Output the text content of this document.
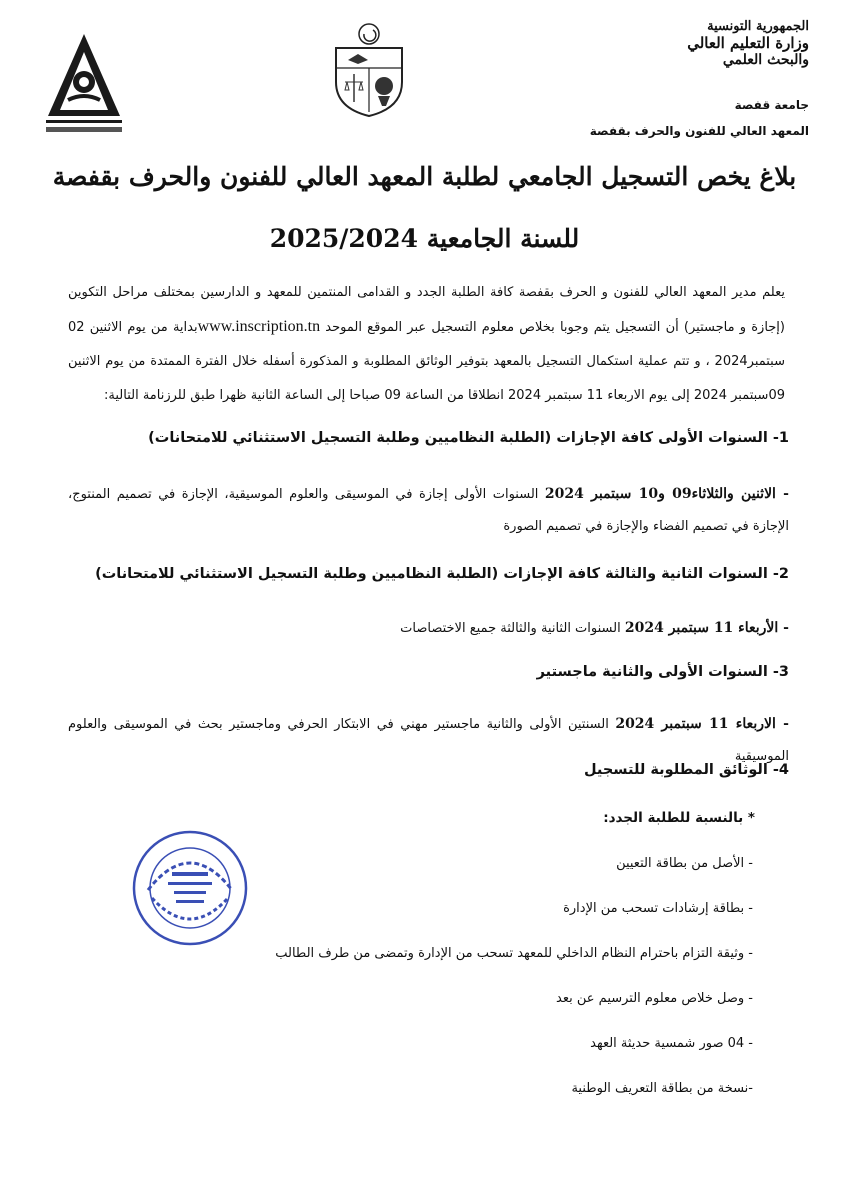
الجمهورية التونسية
وزارة التعليم العالي
والبحث العلمي
جامعة قفصة
المعهد العالي للفنون والحرف بقفصة
بلاغ يخص التسجيل الجامعي لطلبة المعهد العالي للفنون والحرف بقفصة
للسنة الجامعية 2025/2024
يعلم مدير المعهد العالي للفنون و الحرف بقفصة كافة الطلبة الجدد و القدامى المنتمين للمعهد و الدارسين بمختلف مراحل التكوين (إجازة و ماجستير) أن التسجيل يتم وجوبا بخلاص معلوم التسجيل عبر الموقع الموحد www.inscription.tnبداية من يوم الاثنين 02 سبتمبر2024 ، و تتم عملية استكمال التسجيل بالمعهد بتوفير الوثائق المطلوبة و المذكورة أسفله خلال الفترة الممتدة من يوم الاثنين 09سبتمبر 2024 إلى يوم الاربعاء 11 سبتمبر 2024 انطلاقا من الساعة 09 صباحا إلى الساعة الثانية ظهرا طبق للرزنامة التالية:
1- السنوات الأولى كافة الإجازات (الطلبة النظاميين وطلبة التسجيل الاستثنائي للامتحانات)
- الاثنين والثلاثاء09 و10 سبتمبر 2024 السنوات الأولى إجازة في الموسيقى والعلوم الموسيقية، الإجازة في تصميم المنتوج، الإجازة في تصميم الفضاء والإجازة في تصميم الصورة
2- السنوات الثانية والثالثة كافة الإجازات (الطلبة النظاميين وطلبة التسجيل الاستثنائي للامتحانات)
- الأربعاء 11 سبتمبر 2024 السنوات الثانية والثالثة جميع الاختصاصات
3- السنوات الأولى والثانية ماجستير
- الاربعاء 11 سبتمبر 2024 السنتين الأولى والثانية ماجستير مهني في الابتكار الحرفي وماجستير بحث في الموسيقى والعلوم الموسيقية
4- الوثائق المطلوبة للتسجيل
* بالنسبة للطلبة الجدد:
- الأصل من بطاقة التعيين
- بطاقة إرشادات تسحب من الإدارة
- وثيقة التزام باحترام النظام الداخلي للمعهد تسحب من الإدارة وتمضى من طرف الطالب
- وصل خلاص معلوم الترسيم عن بعد
- 04 صور شمسية حديثة العهد
-نسخة من بطاقة التعريف الوطنية
